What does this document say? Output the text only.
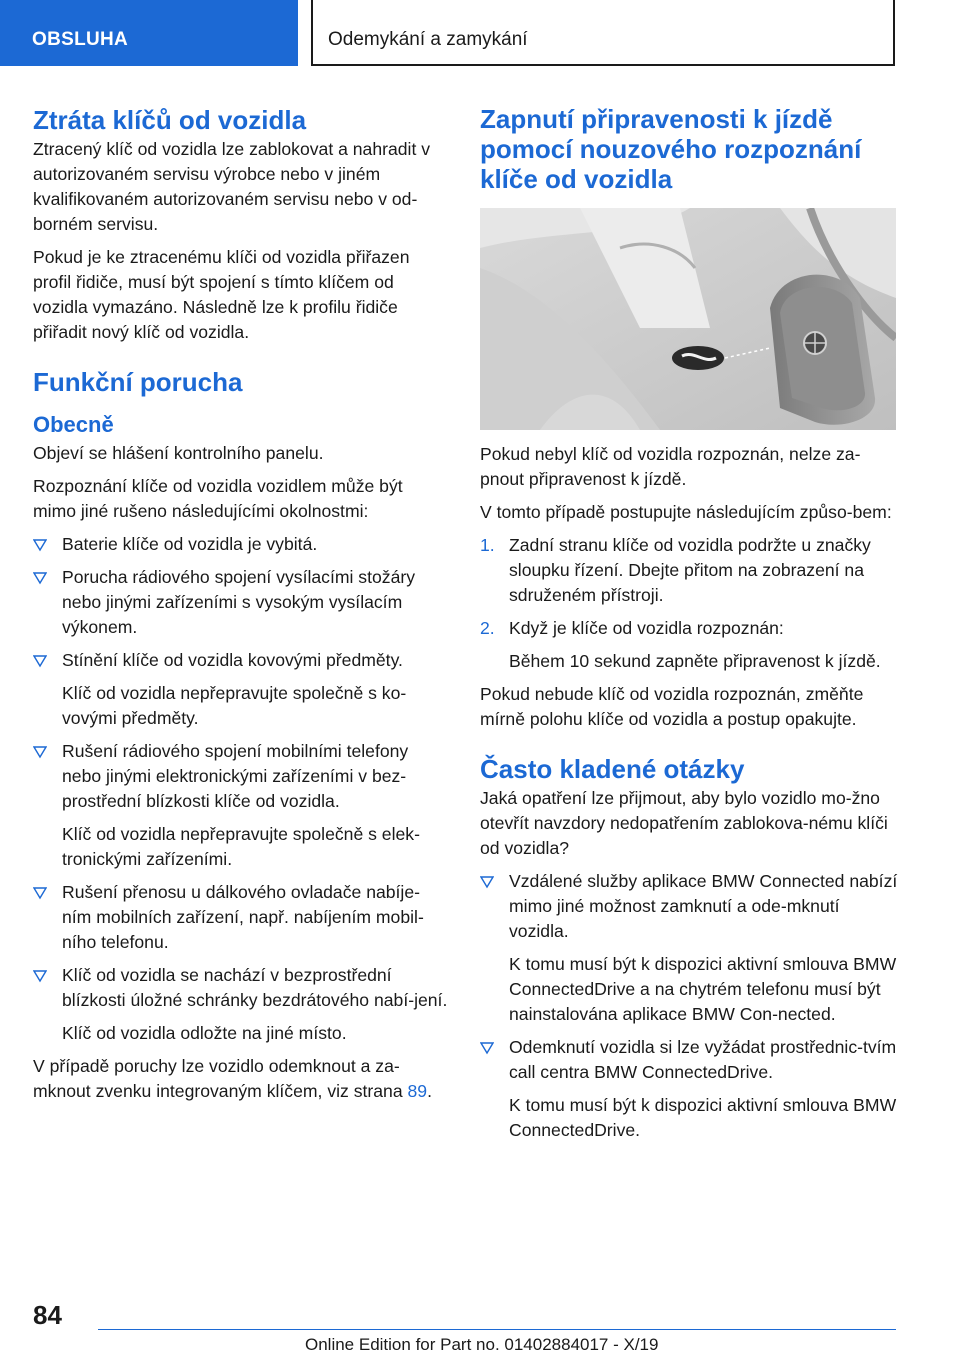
OBSLUHA	Odemykání a zamykání
Ztráta klíčů od vozidla

Ztracený klíč od vozidla lze zablokovat a nahradit v autorizovaném servisu výrobce nebo v jiném kvalifikovaném autorizovaném servisu nebo v od-borném servisu.

Pokud je ke ztracenému klíči od vozidla přiřazen profil řidiče, musí být spojení s tímto klíčem od vozidla vymazáno. Následně lze k profilu řidiče přiřadit nový klíč od vozidla.

Funkční porucha
Obecně

Objeví se hlášení kontrolního panelu.

Rozpoznání klíče od vozidla vozidlem může být mimo jiné rušeno následujícími okolnostmi:

Baterie klíče od vozidla je vybitá.
Porucha rádiového spojení vysílacími stožáry nebo jinými zařízeními s vysokým vysílacím výkonem.
Stínění klíče od vozidla kovovými předměty.
Klíč od vozidla nepřepravujte společně s ko-vovými předměty.
Rušení rádiového spojení mobilními telefony nebo jinými elektronickými zařízeními v bez-prostřední blízkosti klíče od vozidla.
Klíč od vozidla nepřepravujte společně s elek-tronickými zařízeními.
Rušení přenosu u dálkového ovladače nabíje-ním mobilních zařízení, např. nabíjením mobil-ního telefonu.
Klíč od vozidla se nachází v bezprostřední blízkosti úložné schránky bezdrátového nabí-jení.
Klíč od vozidla odložte na jiné místo.

V případě poruchy lze vozidlo odemknout a za-mknout zvenku integrovaným klíčem, viz strana 89.

Zapnutí připravenosti k jízdě pomocí nouzového rozpoznání klíče od vozidla

Pokud nebyl klíč od vozidla rozpoznán, nelze za-pnout připravenost k jízdě.

V tomto případě postupujte následujícím způso-bem:

1. Zadní stranu klíče od vozidla podržte u značky sloupku řízení. Dbejte přitom na zobrazení na sdruženém přístroji.
2. Když je klíče od vozidla rozpoznán:
Během 10 sekund zapněte připravenost k jízdě.

Pokud nebude klíč od vozidla rozpoznán, změňte mírně polohu klíče od vozidla a postup opakujte.

Často kladené otázky

Jaká opatření lze přijmout, aby bylo vozidlo mo-žno otevřít navzdory nedopatřením zablokova-nému klíči od vozidla?

Vzdálené služby aplikace BMW Connected nabízí mimo jiné možnost zamknutí a ode-mknutí vozidla.
K tomu musí být k dispozici aktivní smlouva BMW ConnectedDrive a na chytrém telefonu musí být nainstalována aplikace BMW Con-nected.
Odemknutí vozidla si lze vyžádat prostřednic-tvím call centra BMW ConnectedDrive.
K tomu musí být k dispozici aktivní smlouva BMW ConnectedDrive.
84
Online Edition for Part no. 01402884017 - X/19
